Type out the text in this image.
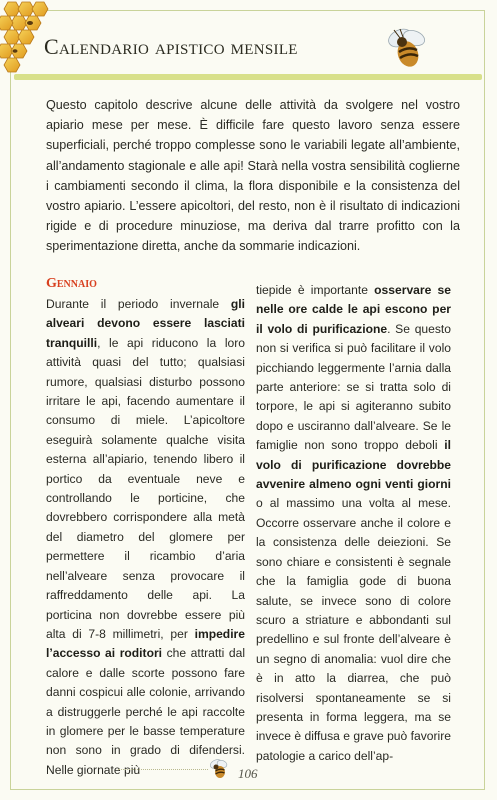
Calendario apistico mensile

Questo capitolo descrive alcune delle attività da svolgere nel vostro apiario mese per mese. È difficile fare questo lavoro senza essere superficiali, perché troppo complesse sono le variabili legate all’ambiente, all’andamento stagionale e alle api! Starà nella vostra sensibilità coglierne i cambiamenti secondo il clima, la flora disponibile e la consistenza del vostro apiario. L’essere apicoltori, del resto, non è il risultato di indicazioni rigide e di procedure minuziose, ma deriva dal trarre profitto con la sperimentazione diretta, anche da sommarie indicazioni.

Gennaio

Durante il periodo invernale gli alveari devono essere lasciati tranquilli, le api riducono la loro attività quasi del tutto; qualsiasi rumore, qualsiasi disturbo possono irritare le api, facendo aumentare il consumo di miele. L’apicoltore eseguirà solamente qualche visita esterna all’apiario, tenendo libero il portico da eventuale neve e controllando le porticine, che dovrebbero corrispondere alla metà del diametro del glomere per permettere il ricambio d’aria nell’alveare senza provocare il raffreddamento delle api. La porticina non dovrebbe essere più alta di 7-8 millimetri, per impedire l’accesso ai roditori che attratti dal calore e dalle scorte possono fare danni cospicui alle colonie, arrivando a distruggerle perché le api raccolte in glomere per le basse temperature non sono in grado di difendersi. Nelle giornate più

tiepide è importante osservare se nelle ore calde le api escono per il volo di purificazione. Se questo non si verifica si può facilitare il volo picchiando leggermente l’arnia dalla parte anteriore: se si tratta solo di torpore, le api si agiteranno subito dopo e usciranno dall’alveare. Se le famiglie non sono troppo deboli il volo di purificazione dovrebbe avvenire almeno ogni venti giorni o al massimo una volta al mese. Occorre osservare anche il colore e la consistenza delle deiezioni. Se sono chiare e consistenti è segnale che la famiglia gode di buona salute, se invece sono di colore scuro a striature e abbondanti sul predellino e sul fronte dell’alveare è un segno di anomalia: vuol dire che è in atto la diarrea, che può risolversi spontaneamente se si presenta in forma leggera, ma se invece è diffusa e grave può favorire patologie a carico dell’ap-

106
